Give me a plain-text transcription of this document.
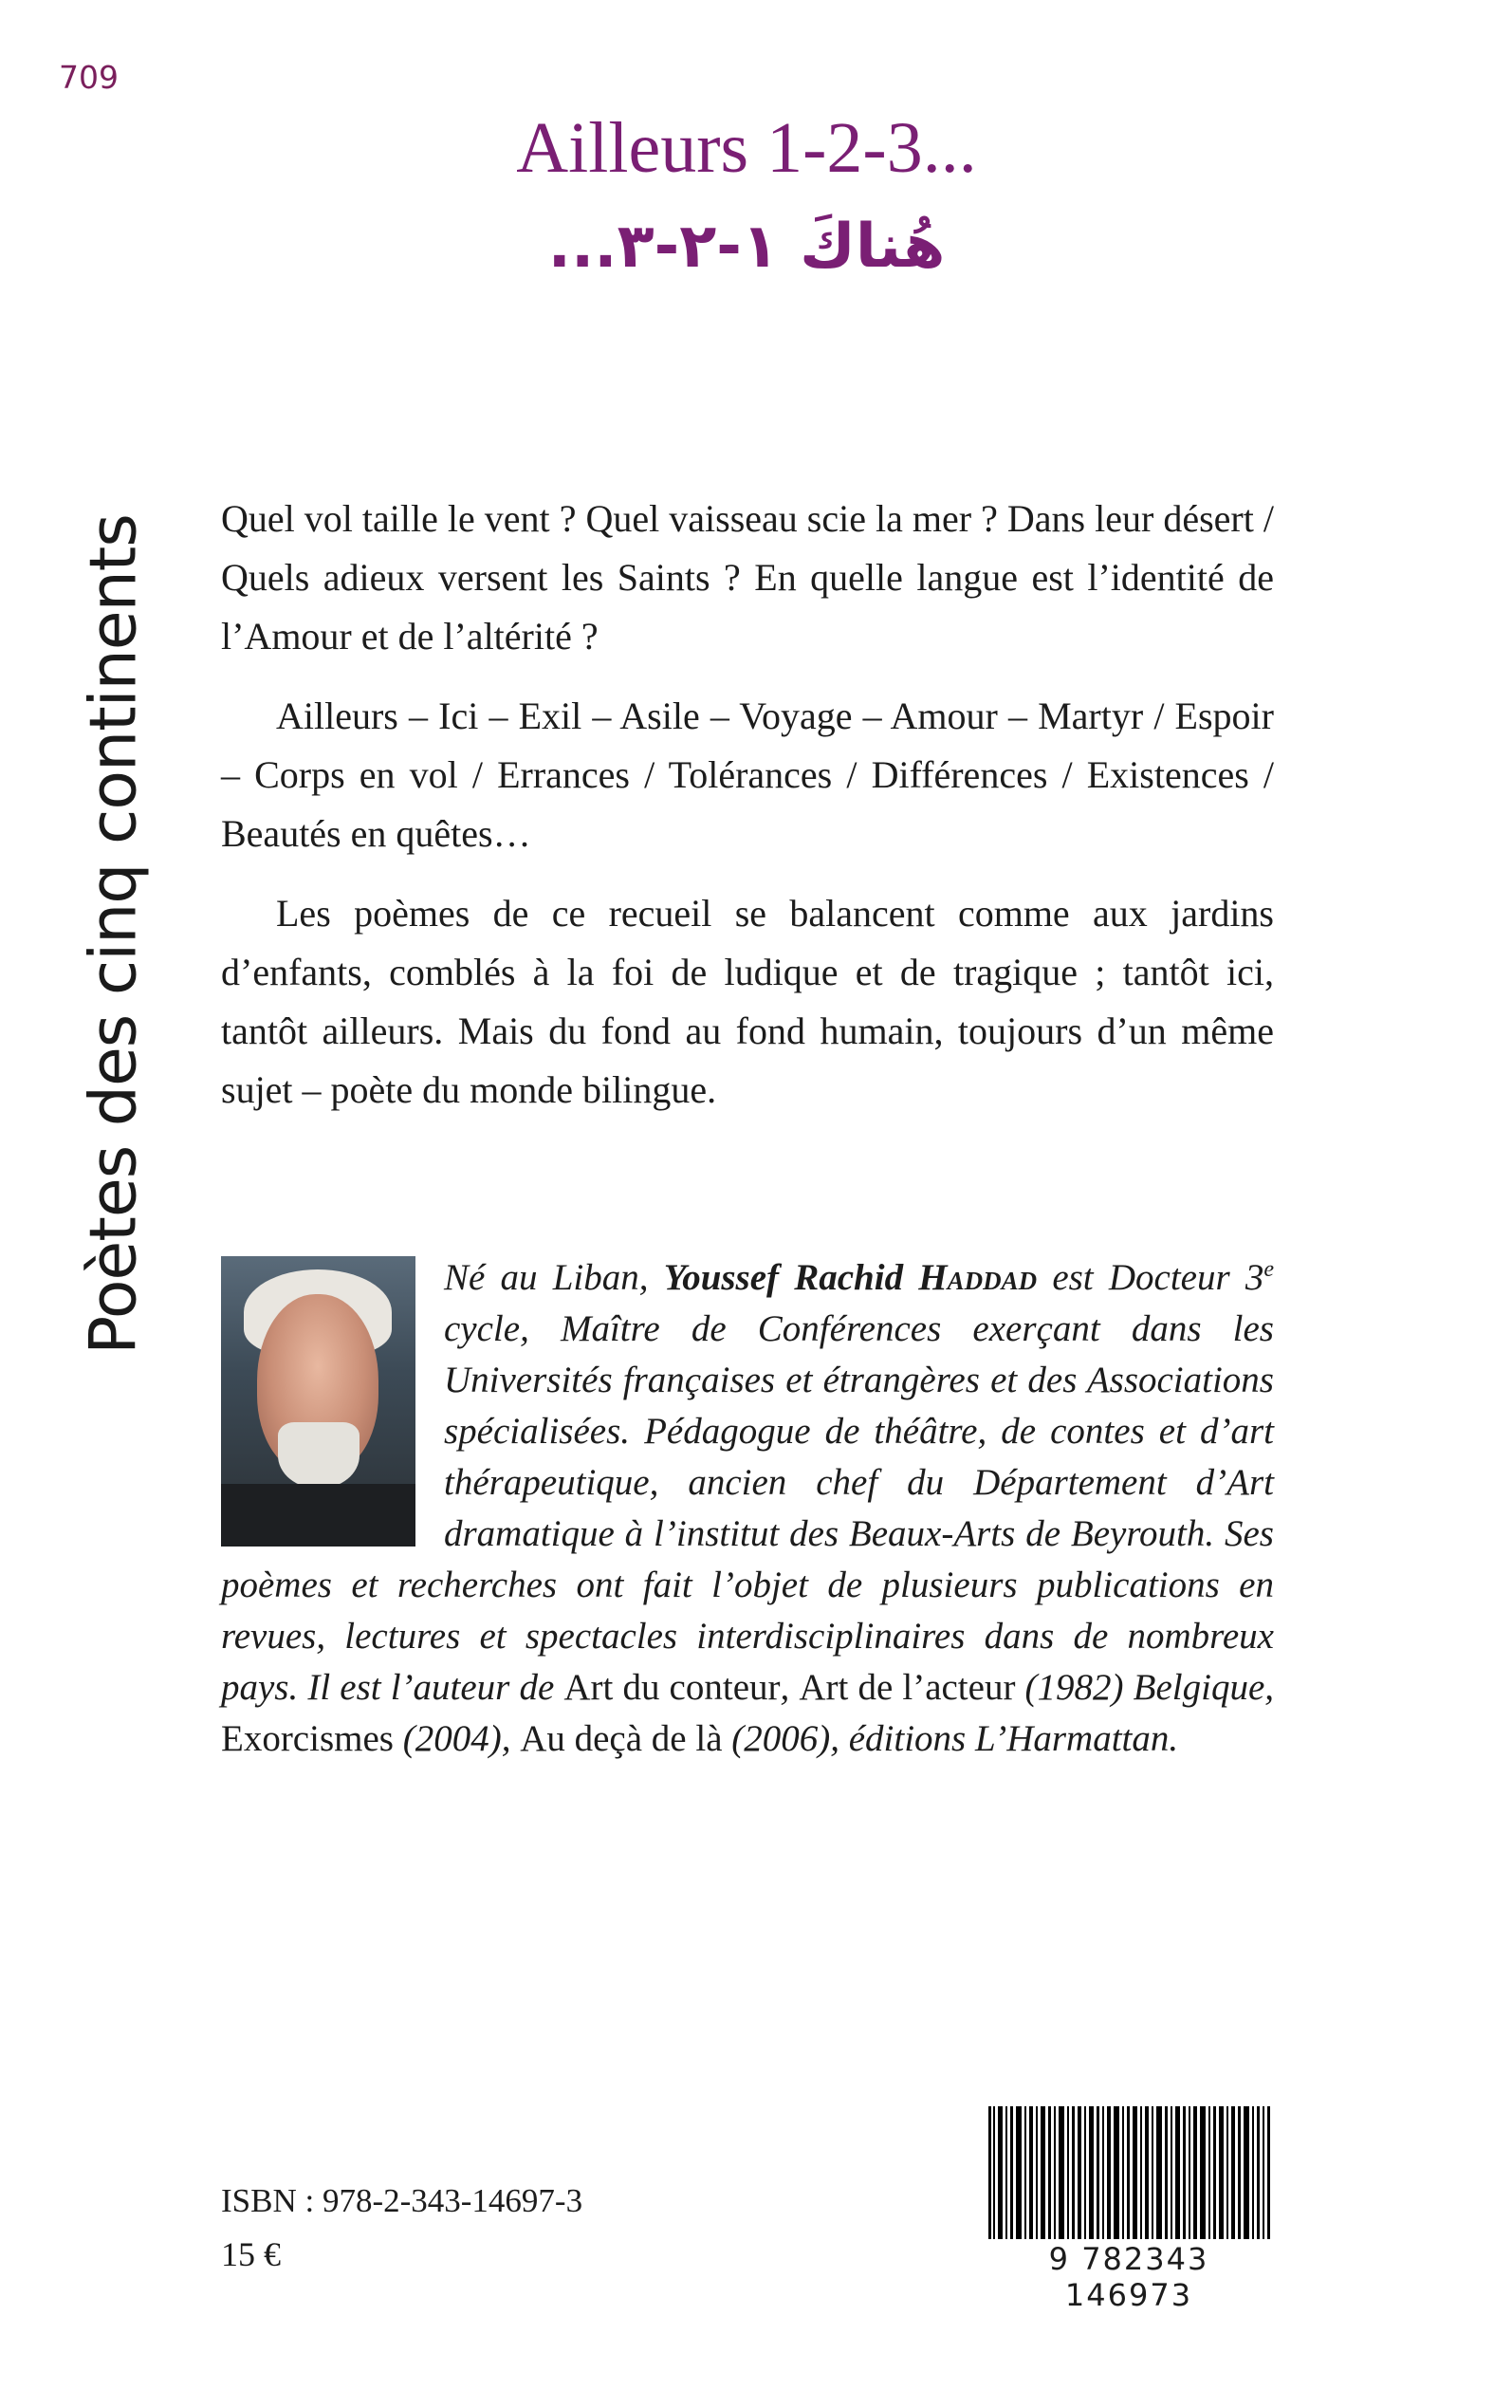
709
Poètes des cinq continents
Ailleurs 1-2-3...
هُناكَ ١-٢-٣...

Quel vol taille le vent ? Quel vaisseau scie la mer ? Dans leur désert / Quels adieux versent les Saints ? En quelle langue est l’identité de l’Amour et de l’altérité ?

Ailleurs – Ici – Exil – Asile – Voyage – Amour – Martyr / Espoir – Corps en vol / Errances / Tolérances / Différences / Existences / Beautés en quêtes…

Les poèmes de ce recueil se balancent comme aux jardins d’enfants, comblés à la foi de ludique et de tragique ; tantôt ici, tantôt ailleurs. Mais du fond au fond humain, toujours d’un même sujet – poète du monde bilingue.

Né au Liban, Youssef Rachid Haddad est Docteur 3e cycle, Maître de Conférences exerçant dans les Universités françaises et étrangères et des Associations spécialisées. Pédagogue de théâtre, de contes et d’art thérapeutique, ancien chef du Département d’Art dramatique à l’institut des Beaux-Arts de Beyrouth. Ses poèmes et recherches ont fait l’objet de plusieurs publications en revues, lectures et spectacles interdisciplinaires dans de nombreux pays. Il est l’auteur de Art du conteur, Art de l’acteur (1982) Belgique, Exorcismes (2004), Au deçà de là (2006), éditions L’Harmattan.
ISBN : 978-2-343-14697-3
15 €	9 782343 146973
